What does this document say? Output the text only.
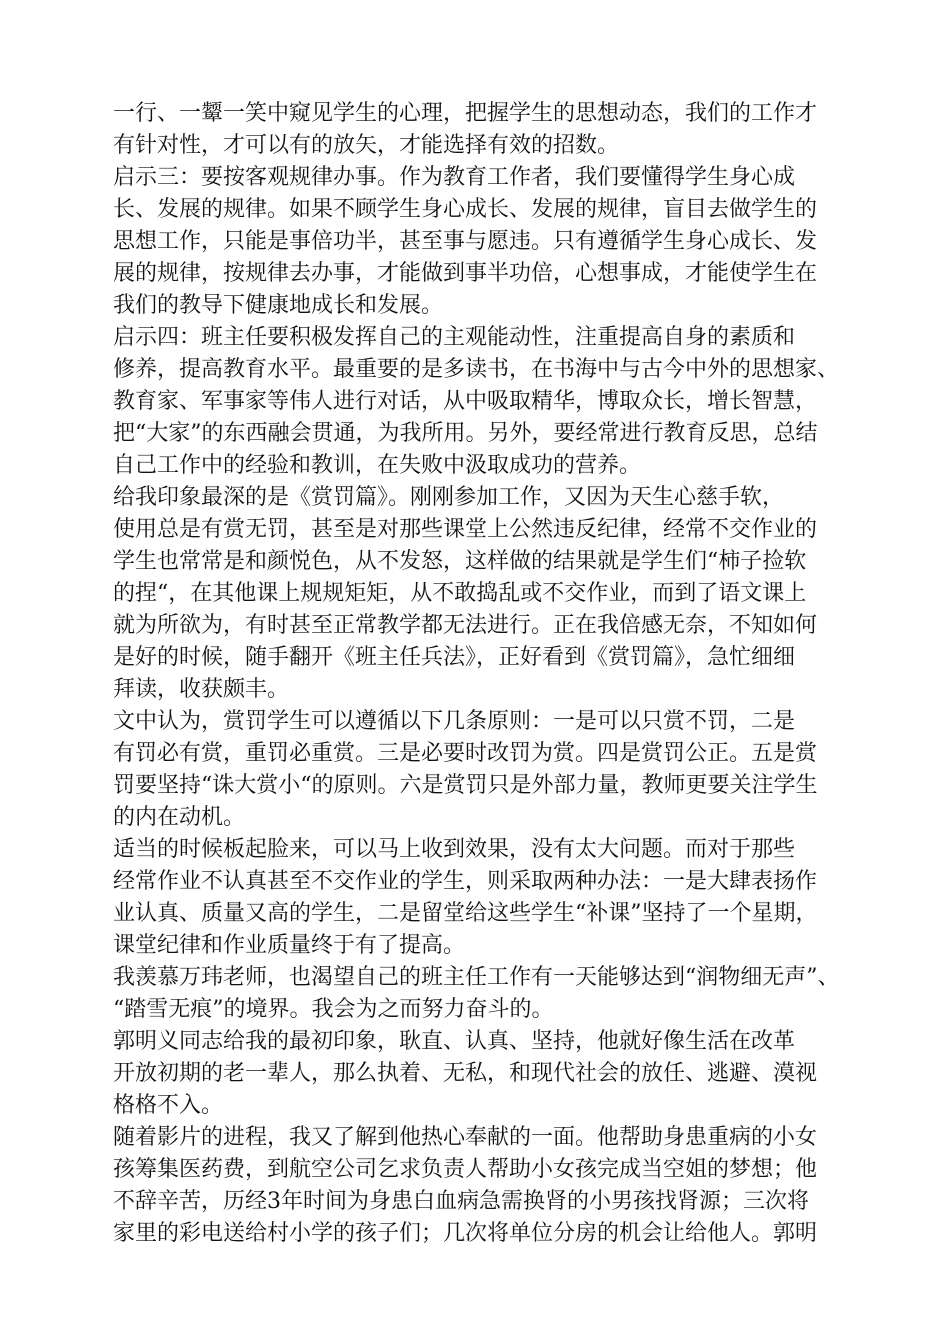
一行、一颦一笑中窥见学生的心理，把握学生的思想动态，我们的工作才
有针对性，才可以有的放矢，才能选择有效的招数。
启示三：要按客观规律办事。作为教育工作者，我们要懂得学生身心成
长、发展的规律。如果不顾学生身心成长、发展的规律，盲目去做学生的
思想工作，只能是事倍功半，甚至事与愿违。只有遵循学生身心成长、发
展的规律，按规律去办事，才能做到事半功倍，心想事成，才能使学生在
我们的教导下健康地成长和发展。
启示四：班主任要积极发挥自己的主观能动性，注重提高自身的素质和
修养，提高教育水平。最重要的是多读书，在书海中与古今中外的思想家、
教育家、军事家等伟人进行对话，从中吸取精华，博取众长，增长智慧，
把“大家”的东西融会贯通，为我所用。另外，要经常进行教育反思，总结
自己工作中的经验和教训，在失败中汲取成功的营养。
给我印象最深的是《赏罚篇》。刚刚参加工作，又因为天生心慈手软，
使用总是有赏无罚，甚至是对那些课堂上公然违反纪律，经常不交作业的
学生也常常是和颜悦色，从不发怒，这样做的结果就是学生们“柿子捡软
的捏“，在其他课上规规矩矩，从不敢捣乱或不交作业，而到了语文课上
就为所欲为，有时甚至正常教学都无法进行。正在我倍感无奈，不知如何
是好的时候，随手翻开《班主任兵法》，正好看到《赏罚篇》，急忙细细
拜读，收获颇丰。
文中认为，赏罚学生可以遵循以下几条原则：一是可以只赏不罚，二是
有罚必有赏，重罚必重赏。三是必要时改罚为赏。四是赏罚公正。五是赏
罚要坚持“诛大赏小“的原则。六是赏罚只是外部力量，教师更要关注学生
的内在动机。
适当的时候板起脸来，可以马上收到效果，没有太大问题。而对于那些
经常作业不认真甚至不交作业的学生，则采取两种办法：一是大肆表扬作
业认真、质量又高的学生，二是留堂给这些学生“补课”坚持了一个星期，
课堂纪律和作业质量终于有了提高。
我羡慕万玮老师，也渴望自己的班主任工作有一天能够达到“润物细无声”、
“踏雪无痕”的境界。我会为之而努力奋斗的。
郭明义同志给我的最初印象，耿直、认真、坚持，他就好像生活在改革
开放初期的老一辈人，那么执着、无私，和现代社会的放任、逃避、漠视
格格不入。
随着影片的进程，我又了解到他热心奉献的一面。他帮助身患重病的小女
孩筹集医药费，到航空公司乞求负责人帮助小女孩完成当空姐的梦想；他
不辞辛苦，历经3年时间为身患白血病急需换肾的小男孩找肾源；三次将
家里的彩电送给村小学的孩子们；几次将单位分房的机会让给他人。郭明
